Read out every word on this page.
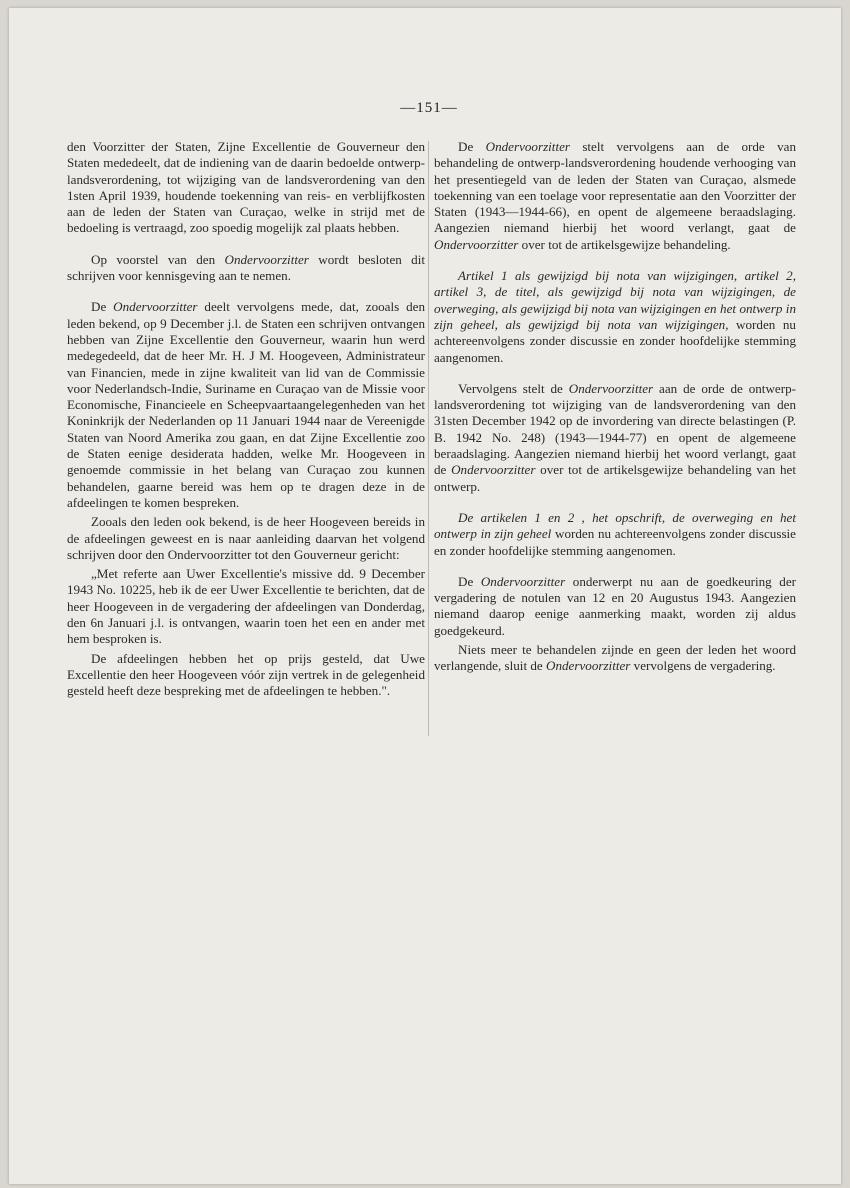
—151—

den Voorzitter der Staten, Zijne Excellentie de Gouverneur den Staten mededeelt, dat de indiening van de daarin bedoelde ontwerp-landsverordening, tot wijziging van de landsverordening van den 1sten April 1939, houdende toekenning van reis- en verblijfkosten aan de leden der Staten van Curaçao, welke in strijd met de bedoeling is vertraagd, zoo spoedig mogelijk zal plaats hebben.

Op voorstel van den Ondervoorzitter wordt besloten dit schrijven voor kennisgeving aan te nemen.

De Ondervoorzitter deelt vervolgens mede, dat, zooals den leden bekend, op 9 December j.l. de Staten een schrijven ontvangen hebben van Zijne Excellentie den Gouverneur, waarin hun werd medegedeeld, dat de heer Mr. H. J M. Hoogeveen, Administrateur van Financien, mede in zijne kwaliteit van lid van de Commissie voor Nederlandsch-Indie, Suriname en Curaçao van de Missie voor Economische, Financieele en Scheepvaartaangelegenheden van het Koninkrijk der Nederlanden op 11 Januari 1944 naar de Vereenigde Staten van Noord Amerika zou gaan, en dat Zijne Excellentie zoo de Staten eenige desiderata hadden, welke Mr. Hoogeveen in genoemde commissie in het belang van Curaçao zou kunnen behandelen, gaarne bereid was hem op te dragen deze in de afdeelingen te komen bespreken.

Zooals den leden ook bekend, is de heer Hoogeveen bereids in de afdeelingen geweest en is naar aanleiding daarvan het volgend schrijven door den Ondervoorzitter tot den Gouverneur gericht:

„Met referte aan Uwer Excellentie's missive dd. 9 December 1943 No. 10225, heb ik de eer Uwer Excellentie te berichten, dat de heer Hoogeveen in de vergadering der afdeelingen van Donderdag, den 6n Januari j.l. is ontvangen, waarin toen het een en ander met hem besproken is.

De afdeelingen hebben het op prijs gesteld, dat Uwe Excellentie den heer Hoogeveen vóór zijn vertrek in de gelegenheid gesteld heeft deze bespreking met de afdeelingen te hebben.".

De Ondervoorzitter stelt vervolgens aan de orde van behandeling de ontwerp-landsverordening houdende verhooging van het presentiegeld van de leden der Staten van Curaçao, alsmede toekenning van een toelage voor representatie aan den Voorzitter der Staten (1943—1944-66), en opent de algemeene beraadslaging. Aangezien niemand hierbij het woord verlangt, gaat de Ondervoorzitter over tot de artikelsgewijze behandeling.

Artikel 1 als gewijzigd bij nota van wijzigingen, artikel 2, artikel 3, de titel, als gewijzigd bij nota van wijzigingen, de overweging, als gewijzigd bij nota van wijzigingen en het ontwerp in zijn geheel, als gewijzigd bij nota van wijzigingen, worden nu achtereenvolgens zonder discussie en zonder hoofdelijke stemming aangenomen.

Vervolgens stelt de Ondervoorzitter aan de orde de ontwerp-landsverordening tot wijziging van de landsverordening van den 31sten December 1942 op de invordering van directe belastingen (P. B. 1942 No. 248) (1943—1944-77) en opent de algemeene beraadslaging. Aangezien niemand hierbij het woord verlangt, gaat de Ondervoorzitter over tot de artikelsgewijze behandeling van het ontwerp.

De artikelen 1 en 2 , het opschrift, de overweging en het ontwerp in zijn geheel worden nu achtereenvolgens zonder discussie en zonder hoofdelijke stemming aangenomen.

De Ondervoorzitter onderwerpt nu aan de goedkeuring der vergadering de notulen van 12 en 20 Augustus 1943. Aangezien niemand daarop eenige aanmerking maakt, worden zij aldus goedgekeurd.

Niets meer te behandelen zijnde en geen der leden het woord verlangende, sluit de Ondervoorzitter vervolgens de vergadering.
